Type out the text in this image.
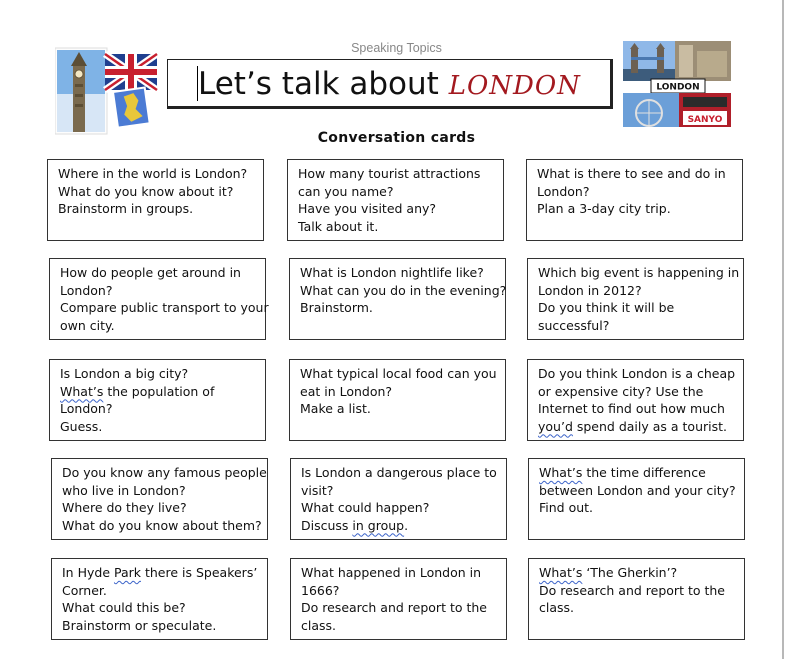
LONDON
SANYO
Speaking Topics
Let’s talk about LONDON
Conversation cards
Where in the world is London?
What do you know about it?
Brainstorm in groups.
How many tourist attractions
can you name?
Have you visited any?
Talk about it.
What is there to see and do in
London?
Plan a 3-day city trip.
How do people get around in
London?
Compare public transport to your
own city.
What is London nightlife like?
What can you do in the evening?
Brainstorm.
Which big event is happening in
London in 2012?
Do you think it will be
successful?
Is London a big city?
What’s the population of
London?
Guess.
What typical local food can you
eat in London?
Make a list.
Do you think London is a cheap
or expensive city? Use the
Internet to find out how much
you’d spend daily as a tourist.
Do you know any famous people
who live in London?
Where do they live?
What do you know about them?
Is London a dangerous place to
visit?
What could happen?
Discuss in group.
What’s the time difference
between London and your city?
Find out.
In Hyde Park there is Speakers’
Corner.
What could this be?
Brainstorm or speculate.
What happened in London in
1666?
Do research and report to the
class.
What’s ‘The Gherkin’?
Do research and report to the
class.
